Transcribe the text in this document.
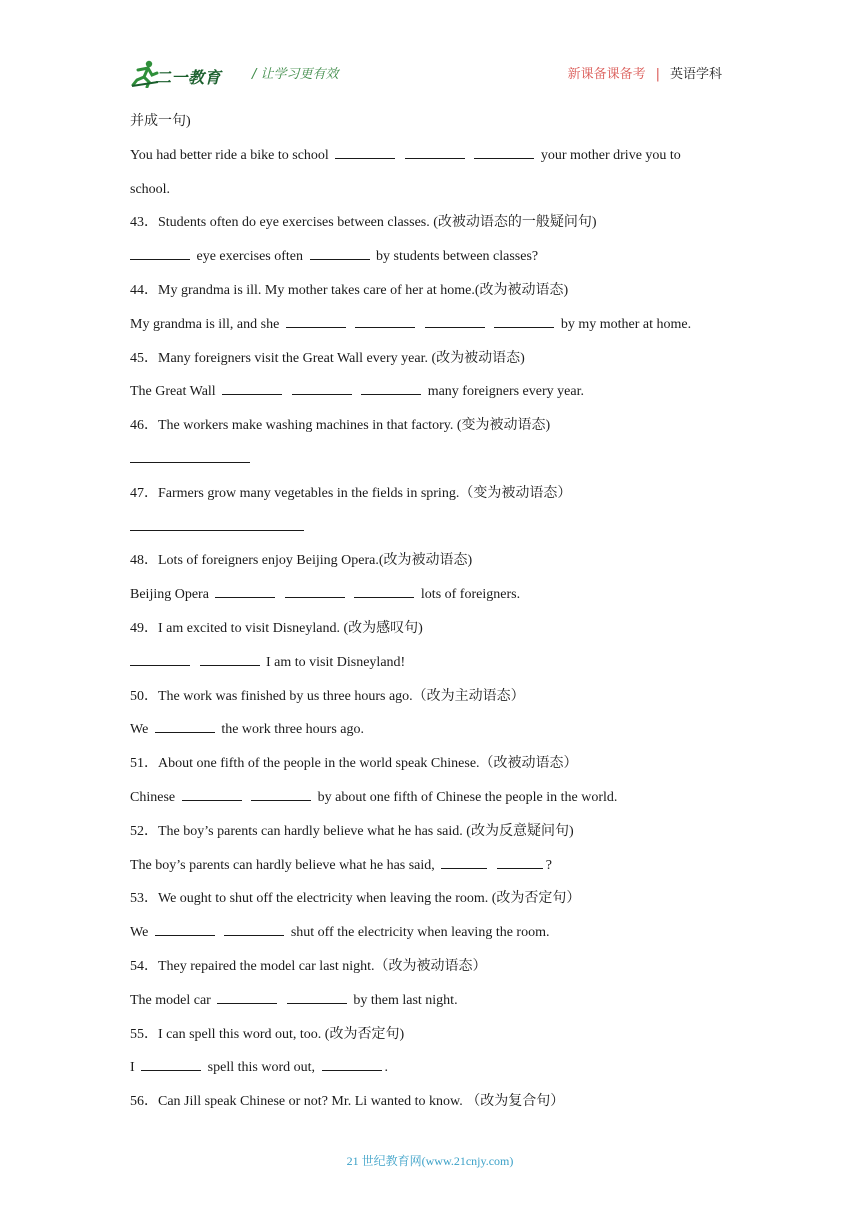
二一教育 / 让学习更有效	新课备课备考 | 英语学科
并成一句)
You had better ride a bike to school	your mother drive you to
school.
43．Students often do eye exercises between classes. (改被动语态的一般疑问句)
eye exercises often	by students between classes?
44．My grandma is ill. My mother takes care of her at home.(改为被动语态)
My grandma is ill, and she	by my mother at home.
45．Many foreigners visit the Great Wall every year. (改为被动语态)
The Great Wall	many foreigners every year.
46．The workers make washing machines in that factory. (变为被动语态)
47．Farmers grow many vegetables in the fields in spring.（变为被动语态）
48．Lots of foreigners enjoy Beijing Opera.(改为被动语态)
Beijing Opera	lots of foreigners.
49．I am excited to visit Disneyland. (改为感叹句)
I am to visit Disneyland!
50．The work was finished by us three hours ago.（改为主动语态）
We	the work three hours ago.
51．About one fifth of the people in the world speak Chinese.（改被动语态）
Chinese	by about one fifth of Chinese the people in the world.
52．The boy’s parents can hardly believe what he has said. (改为反意疑问句)
The boy’s parents can hardly believe what he has said,	?
53．We ought to shut off the electricity when leaving the room. (改为否定句）
We	shut off the electricity when leaving the room.
54．They repaired the model car last night.（改为被动语态）
The model car	by them last night.
55．I can spell this word out, too. (改为否定句)
I	spell this word out,	.
56．Can Jill speak Chinese or not? Mr. Li wanted to know. （改为复合句）
21 世纪教育网(www.21cnjy.com)
